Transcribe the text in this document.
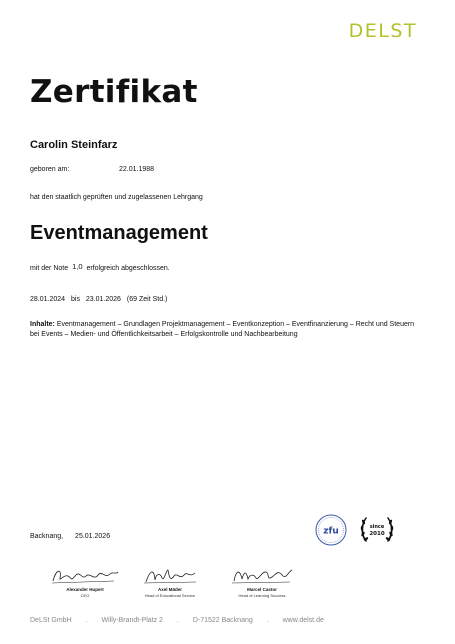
DELST
Zertifikat
Carolin Steinfarz
geboren am:	22.01.1988
hat den staatlich geprüften und zugelassenen Lehrgang
Eventmanagement
mit der Note 1,0 erfolgreich abgeschlossen.
28.01.2024 bis 23.01.2026 (69 Zeit Std.)
Inhalte: Eventmanagement – Grundlagen Projektmanagement – Eventkonzeption – Eventfinanzierung – Recht und Steuern bei Events – Medien- und Öffentlichkeitsarbeit – Erfolgskontrolle und Nachbearbeitung
zfu	since
2010
Backnang, 25.01.2026
Alexander Hupert
CEO
Axel Mäder
Head of Educational Service
Marcel Castor
Head of Learning Success
DeLSt GmbH . Willy-Brandt-Platz 2 . D-71522 Backnang . www.delst.de
